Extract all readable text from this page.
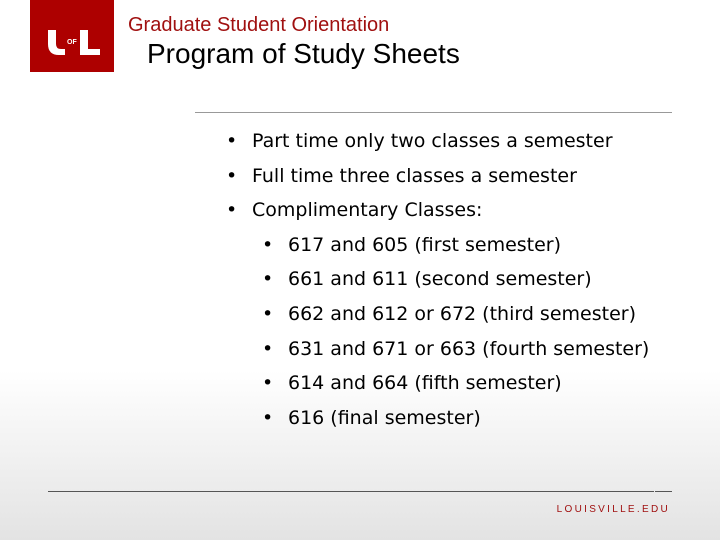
OF
Graduate Student Orientation
Program of Study Sheets
• Part time only two classes a semester
• Full time three classes a semester
• Complimentary Classes:
• 617 and 605 (first semester)
• 661 and 611 (second semester)
• 662 and 612 or 672 (third semester)
• 631 and 671 or 663 (fourth semester)
• 614 and 664 (fifth semester)
• 616 (final semester)
LOUISVILLE.EDU
